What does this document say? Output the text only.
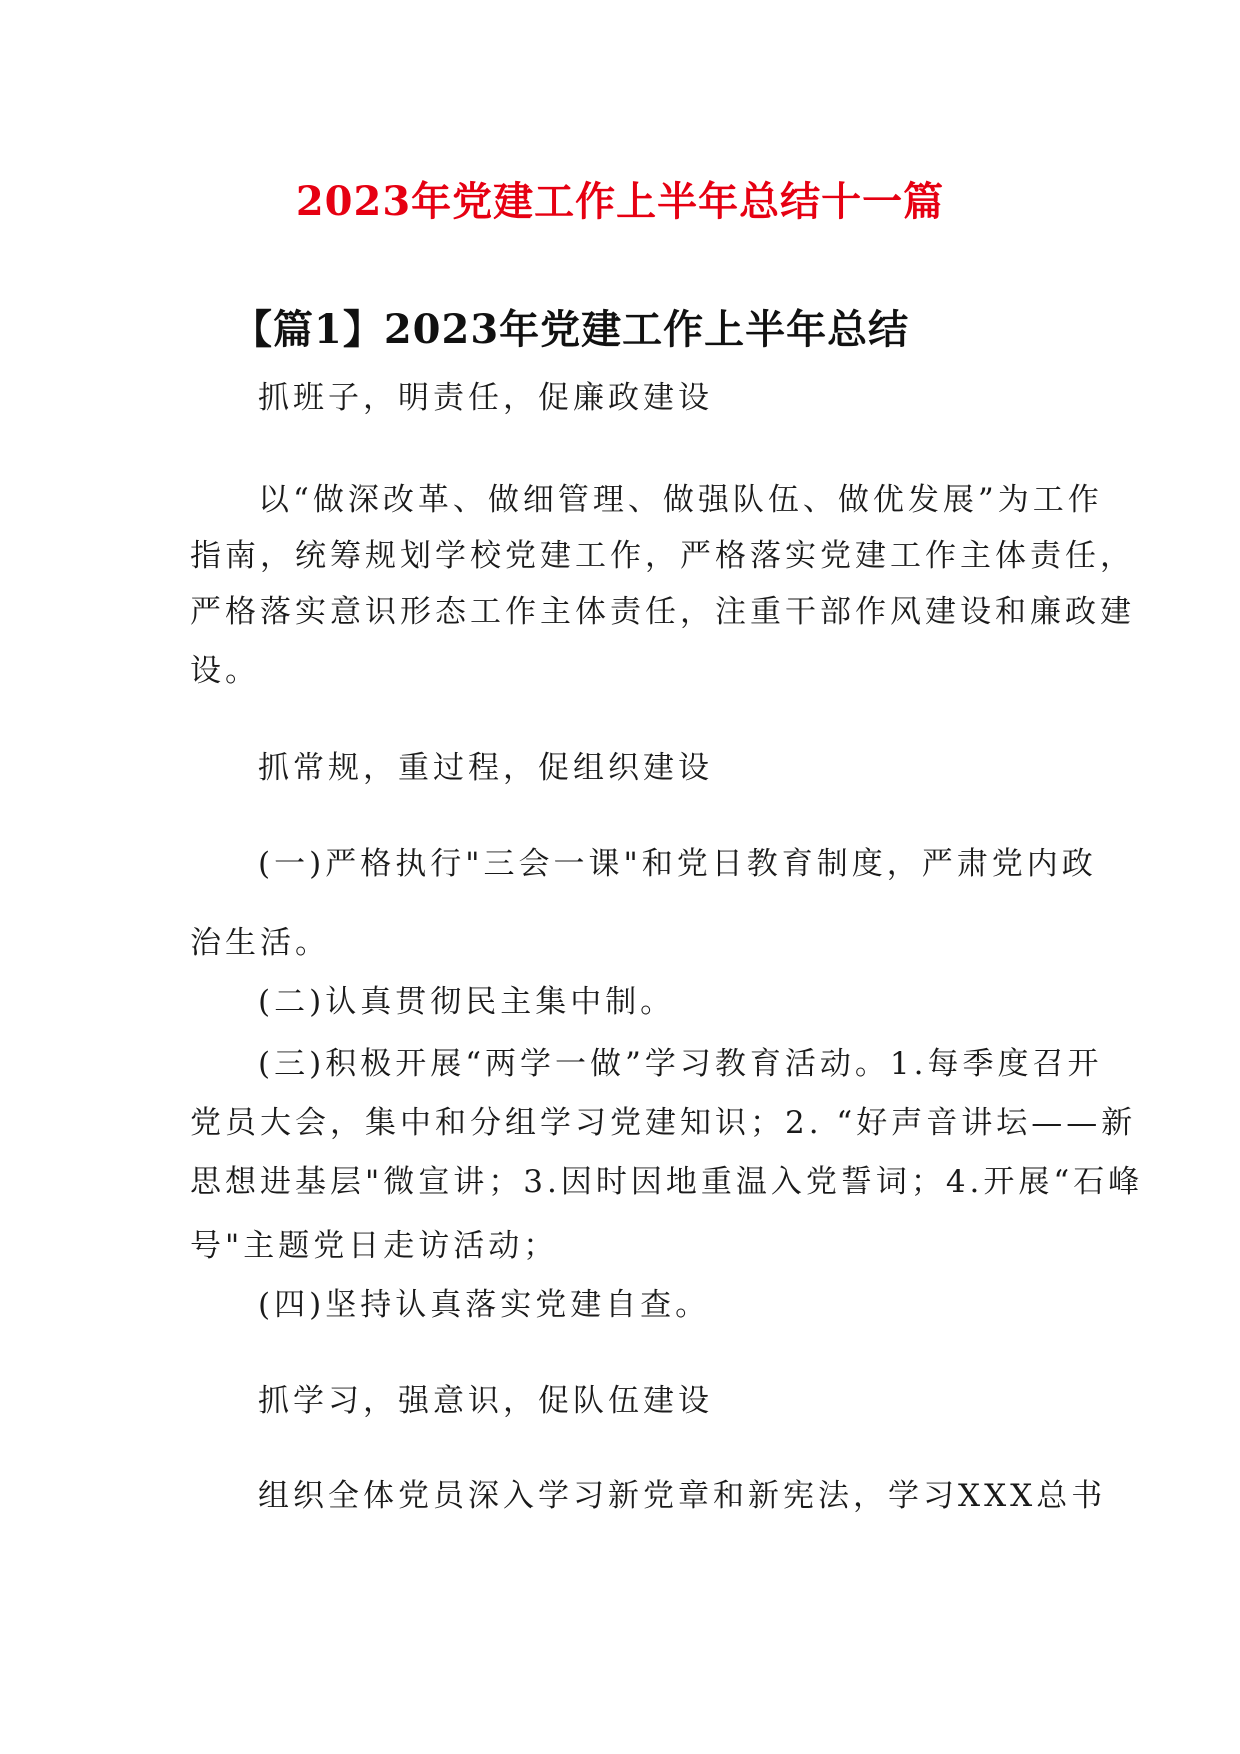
2023年党建工作上半年总结十一篇
【篇1】2023年党建工作上半年总结

抓班子，明责任，促廉政建设

以“做深改革、做细管理、做强队伍、做优发展”为工作

指南，统筹规划学校党建工作，严格落实党建工作主体责任，

严格落实意识形态工作主体责任，注重干部作风建设和廉政建

设。

抓常规，重过程，促组织建设

(一)严格执行"三会一课"和党日教育制度，严肃党内政

治生活。

(二)认真贯彻民主集中制。

(三)积极开展“两学一做”学习教育活动。1.每季度召开

党员大会，集中和分组学习党建知识；2. “好声音讲坛——新

思想进基层"微宣讲；3.因时因地重温入党誓词；4.开展“石峰

号"主题党日走访活动；

(四)坚持认真落实党建自查。

抓学习，强意识，促队伍建设

组织全体党员深入学习新党章和新宪法，学习XXX总书
